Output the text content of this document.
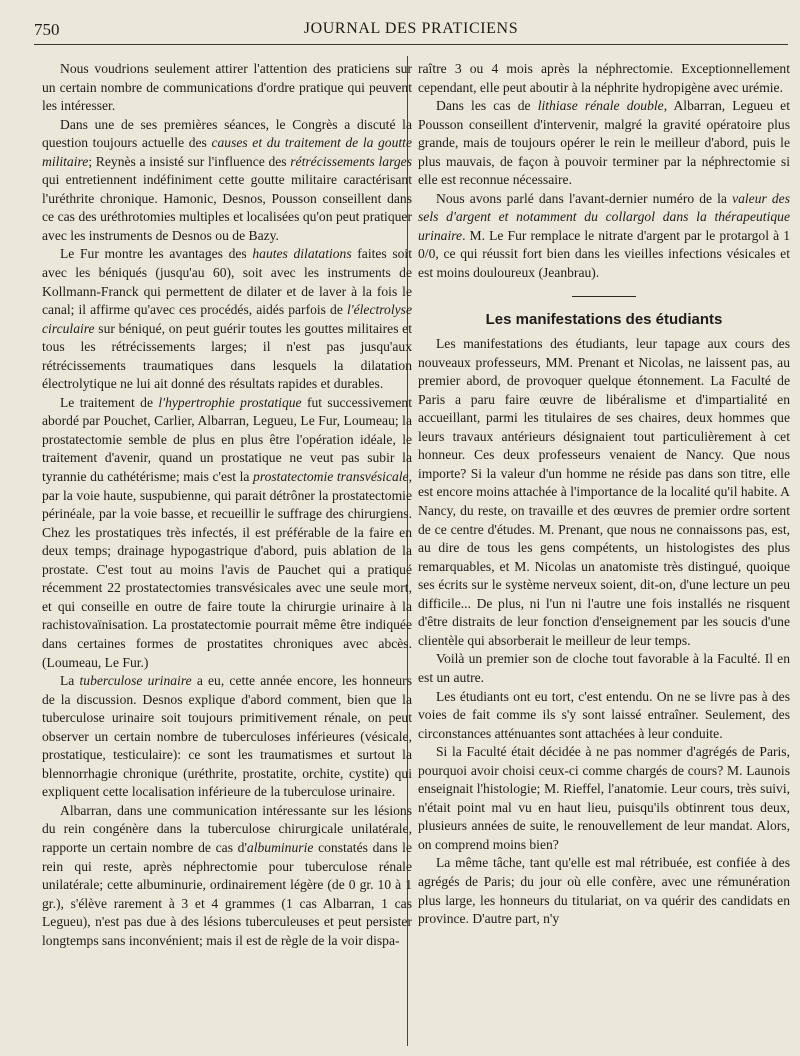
750	JOURNAL DES PRATICIENS

Nous voudrions seulement attirer l'attention des praticiens sur un certain nombre de communications d'ordre pratique qui peuvent les intéresser.

Dans une de ses premières séances, le Congrès a discuté la question toujours actuelle des causes et du traitement de la goutte militaire; Reynès a insisté sur l'influence des rétrécissements larges qui entretiennent indéfiniment cette goutte militaire caractérisant l'uréthrite chronique. Hamonic, Desnos, Pousson conseillent dans ce cas des uréthrotomies multiples et localisées qu'on peut pratiquer avec les instruments de Desnos ou de Bazy.

Le Fur montre les avantages des hautes dilatations faites soit avec les béniqués (jusqu'au 60), soit avec les instruments de Kollmann-Franck qui permettent de dilater et de laver à la fois le canal; il affirme qu'avec ces procédés, aidés parfois de l'électrolyse circulaire sur béniqué, on peut guérir toutes les gouttes militaires et tous les rétrécissements larges; il n'est pas jusqu'aux rétrécissements traumatiques dans lesquels la dilatation électrolytique ne lui ait donné des résultats rapides et durables.

Le traitement de l'hypertrophie prostatique fut successivement abordé par Pouchet, Carlier, Albarran, Legueu, Le Fur, Loumeau; la prostatectomie semble de plus en plus être l'opération idéale, le traitement d'avenir, quand un prostatique ne veut pas subir la tyrannie du cathétérisme; mais c'est la prostatectomie transvésicale, par la voie haute, suspubienne, qui parait détrôner la prostatectomie périnéale, par la voie basse, et recueillir le suffrage des chirurgiens. Chez les prostatiques très infectés, il est préférable de la faire en deux temps; drainage hypogastrique d'abord, puis ablation de la prostate. C'est tout au moins l'avis de Pauchet qui a pratiqué récemment 22 prostatectomies transvésicales avec une seule mort, et qui conseille en outre de faire toute la chirurgie urinaire à la rachistovaïnisation. La prostatectomie pourrait même être indiquée dans certaines formes de prostatites chroniques avec abcès. (Loumeau, Le Fur.)

La tuberculose urinaire a eu, cette année encore, les honneurs de la discussion. Desnos explique d'abord comment, bien que la tuberculose urinaire soit toujours primitivement rénale, on peut observer un certain nombre de tuberculoses inférieures (vésicale, prostatique, testiculaire): ce sont les traumatismes et surtout la blennorrhagie chronique (uréthrite, prostatite, orchite, cystite) qui expliquent cette localisation inférieure de la tuberculose urinaire.

Albarran, dans une communication intéressante sur les lésions du rein congénère dans la tuberculose chirurgicale unilatérale, rapporte un certain nombre de cas d'albuminurie constatés dans le rein qui reste, après néphrectomie pour tuberculose rénale unilatérale; cette albuminurie, ordinairement légère (de 0 gr. 10 à 1 gr.), s'élève rarement à 3 et 4 grammes (1 cas Albarran, 1 cas Legueu), n'est pas due à des lésions tuberculeuses et peut persister longtemps sans inconvénient; mais il est de règle de la voir dispa-

raître 3 ou 4 mois après la néphrectomie. Exceptionnellement cependant, elle peut aboutir à la néphrite hydropigène avec urémie.

Dans les cas de lithiase rénale double, Albarran, Legueu et Pousson conseillent d'intervenir, malgré la gravité opératoire plus grande, mais de toujours opérer le rein le meilleur d'abord, puis le plus mauvais, de façon à pouvoir terminer par la néphrectomie si elle est reconnue nécessaire.

Nous avons parlé dans l'avant-dernier numéro de la valeur des sels d'argent et notamment du collargol dans la thérapeutique urinaire. M. Le Fur remplace le nitrate d'argent par le protargol à 1 0/0, ce qui réussit fort bien dans les vieilles infections vésicales et est moins douloureux (Jeanbrau).

Les manifestations des étudiants

Les manifestations des étudiants, leur tapage aux cours des nouveaux professeurs, MM. Prenant et Nicolas, ne laissent pas, au premier abord, de provoquer quelque étonnement. La Faculté de Paris a paru faire œuvre de libéralisme et d'impartialité en accueillant, parmi les titulaires de ses chaires, deux hommes que leurs travaux antérieurs désignaient tout particulièrement à cet honneur. Ces deux professeurs venaient de Nancy. Que nous importe? Si la valeur d'un homme ne réside pas dans son titre, elle est encore moins attachée à l'importance de la localité qu'il habite. A Nancy, du reste, on travaille et des œuvres de premier ordre sortent de ce centre d'études. M. Prenant, que nous ne connaissons pas, est, au dire de tous les gens compétents, un histologistes des plus remarquables, et M. Nicolas un anatomiste très distingué, quoique ses écrits sur le système nerveux soient, dit-on, d'une lecture un peu difficile... De plus, ni l'un ni l'autre une fois installés ne risquent d'être distraits de leur fonction d'enseignement par les soucis d'une clientèle qui absorberait le meilleur de leur temps.

Voilà un premier son de cloche tout favorable à la Faculté. Il en est un autre.

Les étudiants ont eu tort, c'est entendu. On ne se livre pas à des voies de fait comme ils s'y sont laissé entraîner. Seulement, des circonstances atténuantes sont attachées à leur conduite.

Si la Faculté était décidée à ne pas nommer d'agrégés de Paris, pourquoi avoir choisi ceux-ci comme chargés de cours? M. Launois enseignait l'histologie; M. Rieffel, l'anatomie. Leur cours, très suivi, n'était point mal vu en haut lieu, puisqu'ils obtinrent tous deux, plusieurs années de suite, le renouvellement de leur mandat. Alors, on comprend moins bien?

La même tâche, tant qu'elle est mal rétribuée, est confiée à des agrégés de Paris; du jour où elle confère, avec une rémunération plus large, les honneurs du titulariat, on va quérir des candidats en province. D'autre part, n'y
